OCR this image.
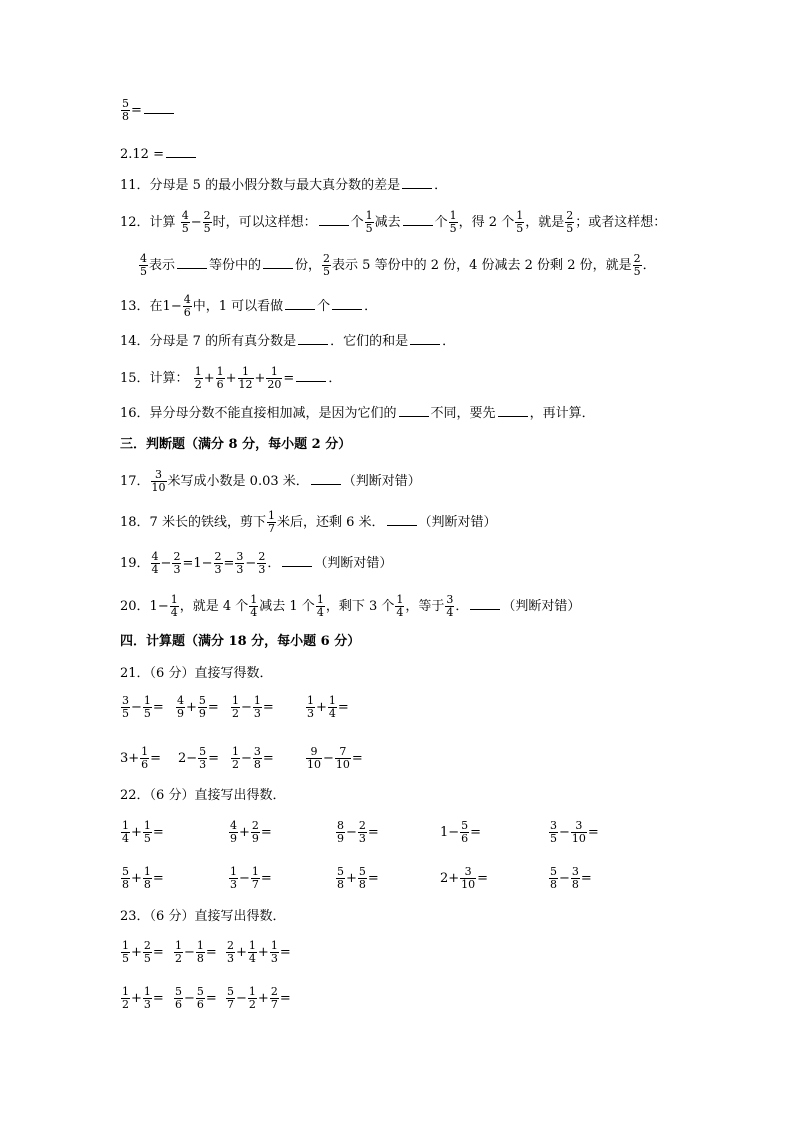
$\frac{5}{8}$ =
2.12 =
11．分母是 5 的最小假分数与最大真分数的差是	．
12．计算 $\frac{4}{5} - \frac{2}{5}$ 时，可以这样想：	个 $\frac{1}{5}$ 减去	个 $\frac{1}{5}$ ，得 2 个 $\frac{1}{5}$ ，就是 $\frac{2}{5}$ ；或者这样想：
$\frac{4}{5}$ 表示	等份中的	份， $\frac{2}{5}$ 表示 5 等份中的 2 份，4 份减去 2 份剩 2 份，就是 $\frac{2}{5}$ ．
13．在$1- \frac{4}{6}$ 中，1 可以看做	个	．
14．分母是 7 的所有真分数是	．它们的和是	．
15．计算： $\frac{1}{2} + \frac{1}{6} + \frac{1}{12} + \frac{1}{20}$ =	．
16．异分母分数不能直接相加减，是因为它们的	不同，要先	，再计算．
三．判断题（满分 8 分，每小题 2 分）
17． $\frac{3}{10}$ 米写成小数是 0.03 米．	（判断对错）
18．7 米长的铁线，剪下 $\frac{1}{7}$ 米后，还剩 6 米．	（判断对错）
19． $\frac{4}{4} - \frac{2}{3} =1- \frac{2}{3} = \frac{3}{3} - \frac{2}{3}$ ．	（判断对错）
20．$1- \frac{1}{4}$ ，就是 4 个 $\frac{1}{4}$ 减去 1 个 $\frac{1}{4}$ ，剩下 3 个 $\frac{1}{4}$ ，等于 $\frac{3}{4}$ ．	（判断对错）
四．计算题（满分 18 分，每小题 6 分）
21．（6 分）直接写得数．
$\frac{3}{5} - \frac{1}{5} = \frac{4}{9} + \frac{5}{9} = \frac{1}{2} - \frac{1}{3}$ =	$\frac{1}{3} + \frac{1}{4}$ =
$3+ \frac{1}{6} = 2- \frac{5}{3} = \frac{1}{2} - \frac{3}{8}$ =	$\frac{9}{10} - \frac{7}{10}$ =
22．（6 分）直接写出得数．
$\frac{1}{4} + \frac{1}{5}$ =	$\frac{4}{9} + \frac{2}{9}$ =	$\frac{8}{9} - \frac{2}{3}$ =	$1- \frac{5}{6}$ =	$\frac{3}{5} - \frac{3}{10}$ =
$\frac{5}{8} + \frac{1}{8}$ =	$\frac{1}{3} - \frac{1}{7}$ =	$\frac{5}{8} + \frac{5}{8}$ =	$2+ \frac{3}{10}$ =	$\frac{5}{8} - \frac{3}{8}$ =
23．（6 分）直接写出得数．
$\frac{1}{5} + \frac{2}{5} = \frac{1}{2} - \frac{1}{8} = \frac{2}{3} + \frac{1}{4} + \frac{1}{3}$ =
$\frac{1}{2} + \frac{1}{3} = \frac{5}{6} - \frac{5}{6} = \frac{5}{7} - \frac{1}{2} + \frac{2}{7}$ =
